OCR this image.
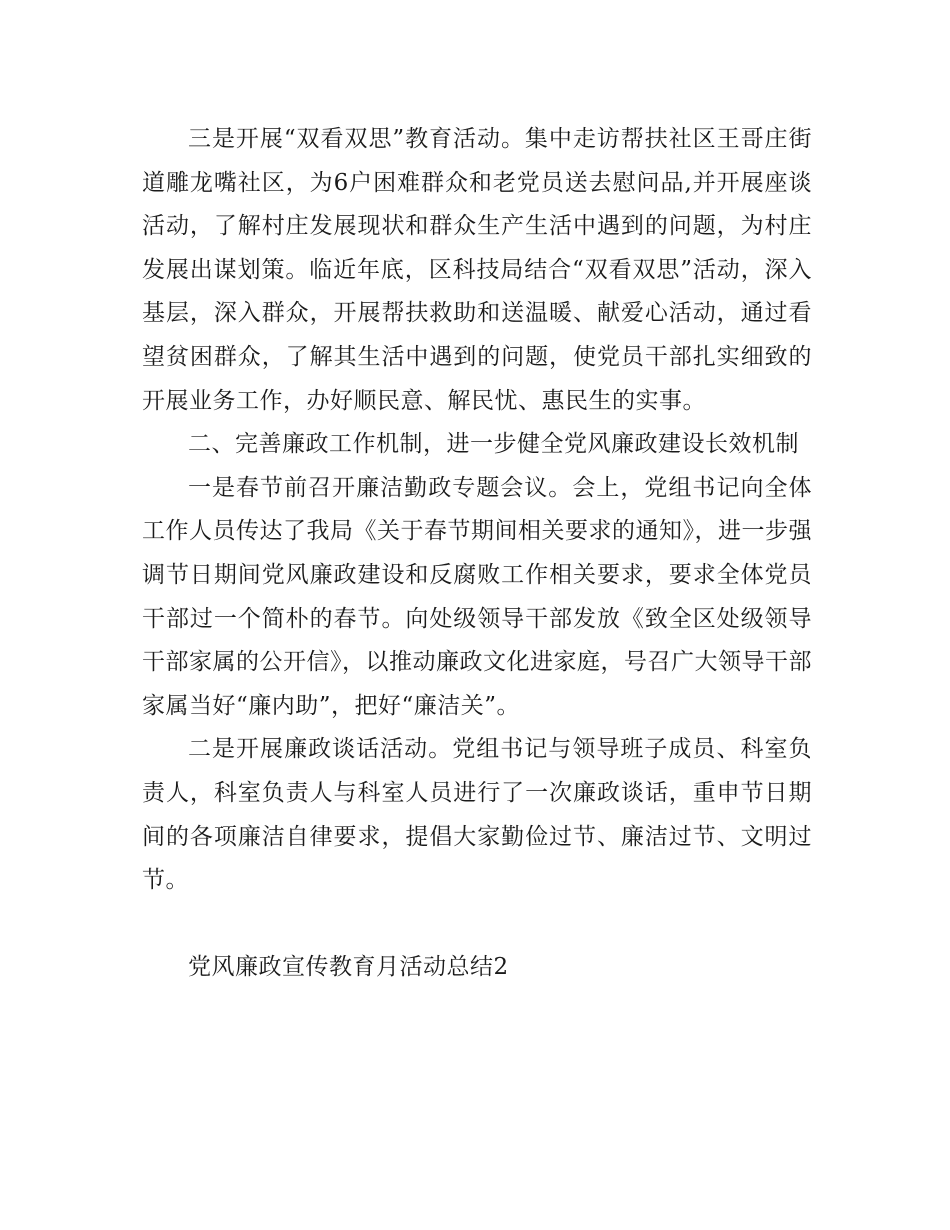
三是开展“双看双思”教育活动。集中走访帮扶社区王哥庄街道雕龙嘴社区，为6户困难群众和老党员送去慰问品,并开展座谈活动，了解村庄发展现状和群众生产生活中遇到的问题，为村庄发展出谋划策。临近年底，区科技局结合“双看双思”活动，深入基层，深入群众，开展帮扶救助和送温暖、献爱心活动，通过看望贫困群众，了解其生活中遇到的问题，使党员干部扎实细致的开展业务工作，办好顺民意、解民忧、惠民生的实事。

二、完善廉政工作机制，进一步健全党风廉政建设长效机制

一是春节前召开廉洁勤政专题会议。会上，党组书记向全体工作人员传达了我局《关于春节期间相关要求的通知》，进一步强调节日期间党风廉政建设和反腐败工作相关要求，要求全体党员干部过一个简朴的春节。向处级领导干部发放《致全区处级领导干部家属的公开信》，以推动廉政文化进家庭，号召广大领导干部家属当好“廉内助”，把好“廉洁关”。

二是开展廉政谈话活动。党组书记与领导班子成员、科室负责人，科室负责人与科室人员进行了一次廉政谈话，重申节日期间的各项廉洁自律要求，提倡大家勤俭过节、廉洁过节、文明过节。

党风廉政宣传教育月活动总结2
